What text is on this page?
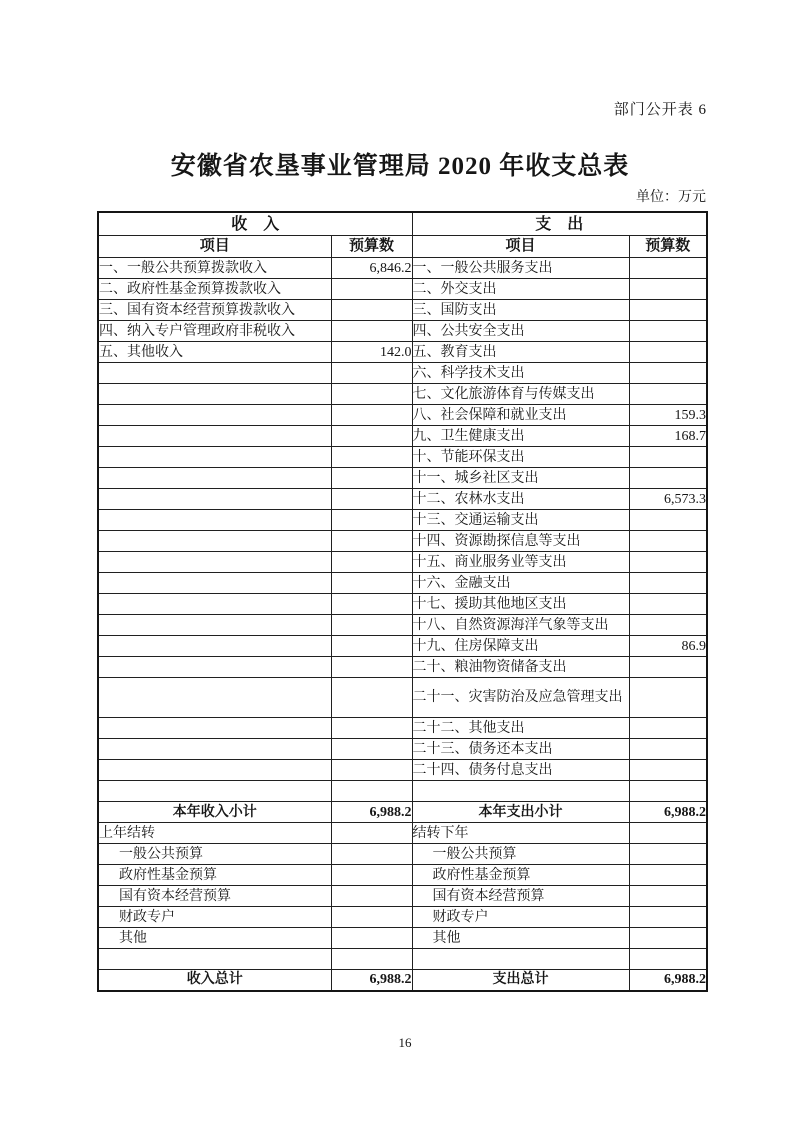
部门公开表 6
安徽省农垦事业管理局 2020 年收支总表
单位：万元
收　入		支　出	
项目	预算数	项目	预算数
一、一般公共预算拨款收入	6,846.2	一、一般公共服务支出	
二、政府性基金预算拨款收入		二、外交支出	
三、国有资本经营预算拨款收入		三、国防支出	
四、纳入专户管理政府非税收入		四、公共安全支出	
五、其他收入	142.0	五、教育支出	
		六、科学技术支出	
		七、文化旅游体育与传媒支出	
		八、社会保障和就业支出	159.3
		九、卫生健康支出	168.7
		十、节能环保支出	
		十一、城乡社区支出	
		十二、农林水支出	6,573.3
		十三、交通运输支出	
		十四、资源勘探信息等支出	
		十五、商业服务业等支出	
		十六、金融支出	
		十七、援助其他地区支出	
		十八、自然资源海洋气象等支出	
		十九、住房保障支出	86.9
		二十、粮油物资储备支出	
		二十一、灾害防治及应急管理支出	
		二十二、其他支出	
		二十三、债务还本支出	
		二十四、债务付息支出	

本年收入小计	6,988.2	本年支出小计	6,988.2
上年结转		结转下年	
一般公共预算		一般公共预算	
政府性基金预算		政府性基金预算	
国有资本经营预算		国有资本经营预算	
财政专户		财政专户	
其他		其他	

收入总计	6,988.2	支出总计	6,988.2
16
